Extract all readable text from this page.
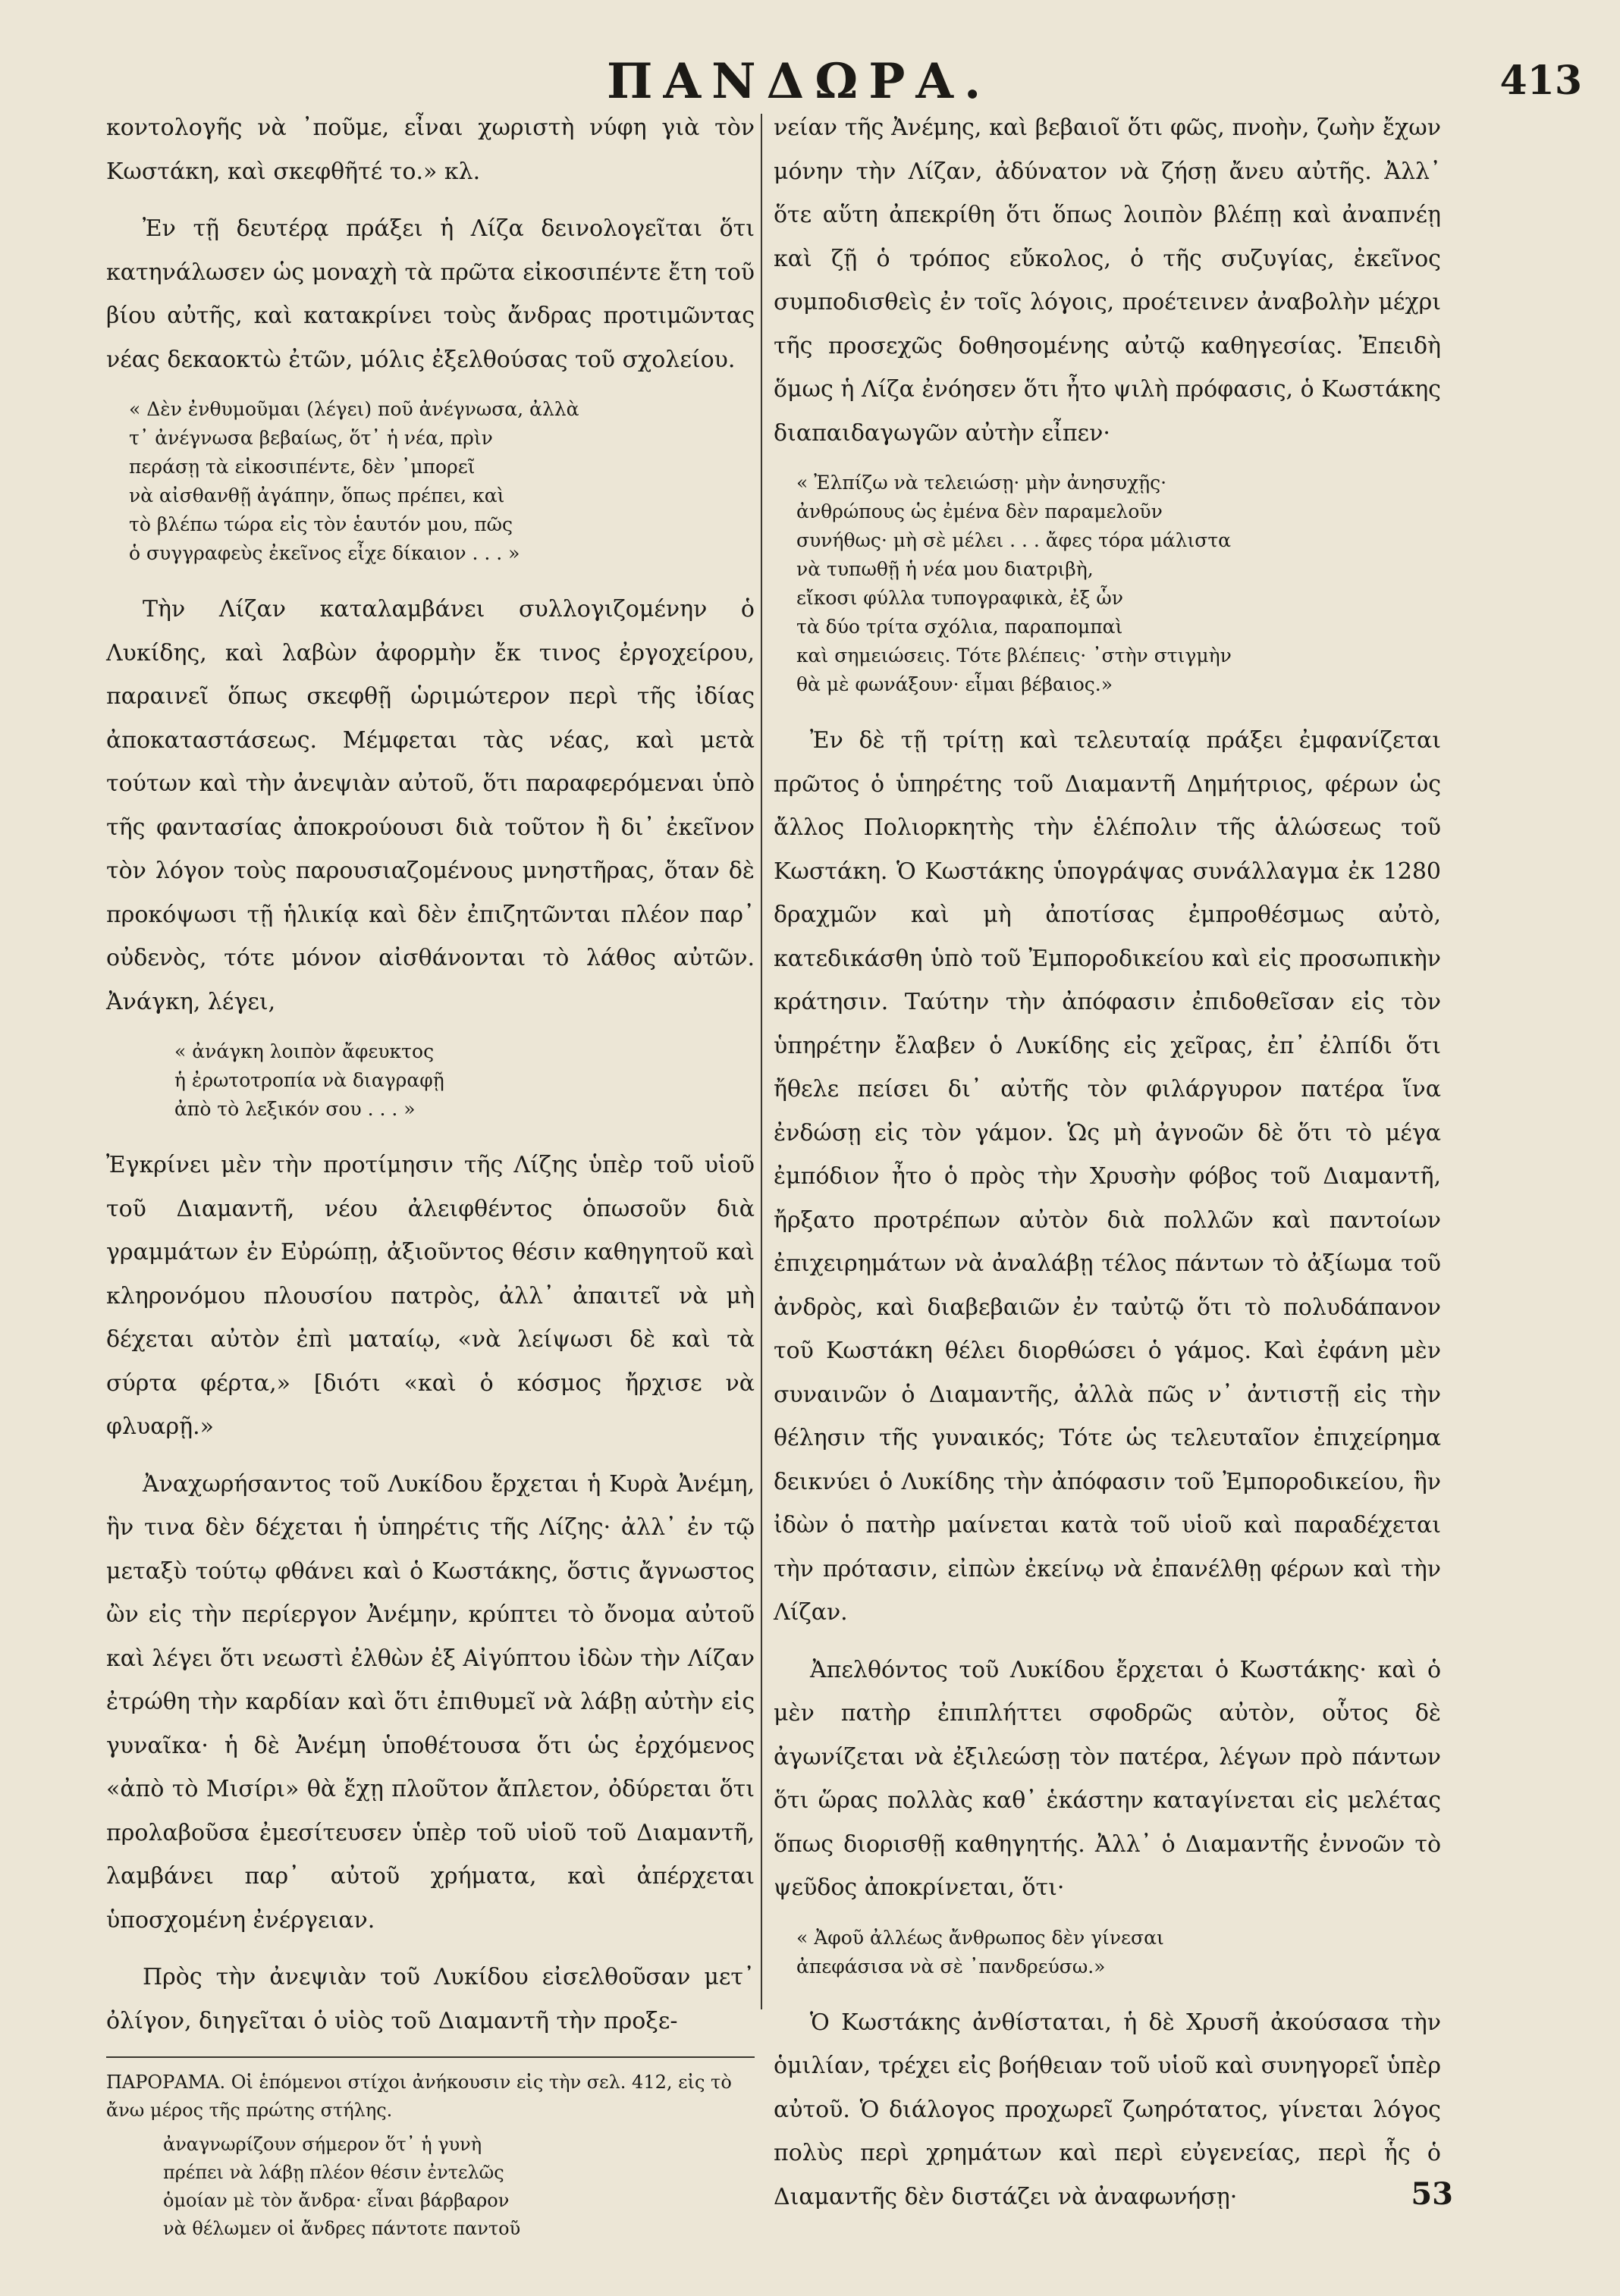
ΠΑΝΔΩΡΑ.	413

κοντολογῆς νὰ ᾽ποῦμε, εἶναι χωριστὴ νύφη γιὰ τὸν Κωστάκη, καὶ σκεφθῆτέ το.» κλ.

Ἐν τῇ δευτέρᾳ πράξει ἡ Λίζα δεινολογεῖται ὅτι κατηνάλωσεν ὡς μοναχὴ τὰ πρῶτα εἰκοσιπέντε ἔτη τοῦ βίου αὐτῆς, καὶ κατακρίνει τοὺς ἄνδρας προτιμῶντας νέας δεκαοκτὼ ἐτῶν, μόλις ἐξελθούσας τοῦ σχολείου.

« Δὲν ἐνθυμοῦμαι (λέγει) ποῦ ἀνέγνωσα, ἀλλὰ
τ᾽ ἀνέγνωσα βεβαίως, ὅτ᾽ ἡ νέα, πρὶν
περάσῃ τὰ εἰκοσιπέντε, δὲν ᾽μπορεῖ
νὰ αἰσθανθῇ ἀγάπην, ὅπως πρέπει, καὶ
τὸ βλέπω τώρα εἰς τὸν ἑαυτόν μου, πῶς
ὁ συγγραφεὺς ἐκεῖνος εἶχε δίκαιον . . . »

Τὴν Λίζαν καταλαμβάνει συλλογιζομένην ὁ Λυκίδης, καὶ λαβὼν ἀφορμὴν ἔκ τινος ἐργοχείρου, παραινεῖ ὅπως σκεφθῇ ὡριμώτερον περὶ τῆς ἰδίας ἀποκαταστάσεως. Μέμφεται τὰς νέας, καὶ μετὰ τούτων καὶ τὴν ἀνεψιὰν αὐτοῦ, ὅτι παραφερόμεναι ὑπὸ τῆς φαντασίας ἀποκρούουσι διὰ τοῦτον ἢ δι᾽ ἐκεῖνον τὸν λόγον τοὺς παρουσιαζομένους μνηστῆρας, ὅταν δὲ προκόψωσι τῇ ἡλικίᾳ καὶ δὲν ἐπιζητῶνται πλέον παρ᾽ οὐδενὸς, τότε μόνον αἰσθάνονται τὸ λάθος αὐτῶν. Ἀνάγκη, λέγει,

« ἀνάγκη λοιπὸν ἄφευκτος
ἡ ἐρωτοτροπία νὰ διαγραφῇ
ἀπὸ τὸ λεξικόν σου . . . »

Ἐγκρίνει μὲν τὴν προτίμησιν τῆς Λίζης ὑπὲρ τοῦ υἱοῦ τοῦ Διαμαντῆ, νέου ἀλειφθέντος ὁπωσοῦν διὰ γραμμάτων ἐν Εὐρώπῃ, ἀξιοῦντος θέσιν καθηγητοῦ καὶ κληρονόμου πλουσίου πατρὸς, ἀλλ᾽ ἀπαιτεῖ νὰ μὴ δέχεται αὐτὸν ἐπὶ ματαίῳ, «νὰ λείψωσι δὲ καὶ τὰ σύρτα φέρτα,» [διότι «καὶ ὁ κόσμος ἤρχισε νὰ φλυαρῇ.»

Ἀναχωρήσαντος τοῦ Λυκίδου ἔρχεται ἡ Κυρὰ Ἀνέμη, ἣν τινα δὲν δέχεται ἡ ὑπηρέτις τῆς Λίζης· ἀλλ᾽ ἐν τῷ μεταξὺ τούτῳ φθάνει καὶ ὁ Κωστάκης, ὅστις ἄγνωστος ὢν εἰς τὴν περίεργον Ἀνέμην, κρύπτει τὸ ὄνομα αὐτοῦ καὶ λέγει ὅτι νεωστὶ ἐλθὼν ἐξ Αἰγύπτου ἰδὼν τὴν Λίζαν ἐτρώθη τὴν καρδίαν καὶ ὅτι ἐπιθυμεῖ νὰ λάβῃ αὐτὴν εἰς γυναῖκα· ἡ δὲ Ἀνέμη ὑποθέτουσα ὅτι ὡς ἐρχόμενος «ἀπὸ τὸ Μισίρι» θὰ ἔχῃ πλοῦτον ἄπλετον, ὀδύρεται ὅτι προλαβοῦσα ἐμεσίτευσεν ὑπὲρ τοῦ υἱοῦ τοῦ Διαμαντῆ, λαμβάνει παρ᾽ αὐτοῦ χρήματα, καὶ ἀπέρχεται ὑποσχομένη ἐνέργειαν.

Πρὸς τὴν ἀνεψιὰν τοῦ Λυκίδου εἰσελθοῦσαν μετ᾽ ὀλίγον, διηγεῖται ὁ υἱὸς τοῦ Διαμαντῆ τὴν προξε-

ΠΑΡΟΡΑΜΑ. Οἱ ἑπόμενοι στίχοι ἀνήκουσιν εἰς τὴν σελ. 412, εἰς τὸ ἄνω μέρος τῆς πρώτης στήλης.

ἀναγνωρίζουν σήμερον ὅτ᾽ ἡ γυνὴ
πρέπει νὰ λάβῃ πλέον θέσιν ἐντελῶς
ὁμοίαν μὲ τὸν ἄνδρα· εἶναι βάρβαρον
νὰ θέλωμεν οἱ ἄνδρες πάντοτε παντοῦ

νείαν τῆς Ἀνέμης, καὶ βεβαιοῖ ὅτι φῶς, πνοὴν, ζωὴν ἔχων μόνην τὴν Λίζαν, ἀδύνατον νὰ ζήσῃ ἄνευ αὐτῆς. Ἀλλ᾽ ὅτε αὕτη ἀπεκρίθη ὅτι ὅπως λοιπὸν βλέπῃ καὶ ἀναπνέῃ καὶ ζῇ ὁ τρόπος εὔκολος, ὁ τῆς συζυγίας, ἐκεῖνος συμποδισθεὶς ἐν τοῖς λόγοις, προέτεινεν ἀναβολὴν μέχρι τῆς προσεχῶς δοθησομένης αὐτῷ καθηγεσίας. Ἐπειδὴ ὅμως ἡ Λίζα ἐνόησεν ὅτι ἦτο ψιλὴ πρόφασις, ὁ Κωστάκης διαπαιδαγωγῶν αὐτὴν εἶπεν·

« Ἐλπίζω νὰ τελειώσῃ· μὴν ἀνησυχῇς·
ἀνθρώπους ὡς ἐμένα δὲν παραμελοῦν
συνήθως· μὴ σὲ μέλει . . . ἄφες τόρα μάλιστα
νὰ τυπωθῇ ἡ νέα μου διατριβὴ,
εἴκοσι φύλλα τυπογραφικὰ, ἐξ ὧν
τὰ δύο τρίτα σχόλια, παραπομπαὶ
καὶ σημειώσεις. Τότε βλέπεις· ᾽στὴν στιγμὴν
θὰ μὲ φωνάξουν· εἶμαι βέβαιος.»

Ἐν δὲ τῇ τρίτῃ καὶ τελευταίᾳ πράξει ἐμφανίζεται πρῶτος ὁ ὑπηρέτης τοῦ Διαμαντῆ Δημήτριος, φέρων ὡς ἄλλος Πολιορκητὴς τὴν ἑλέπολιν τῆς ἁλώσεως τοῦ Κωστάκη. Ὁ Κωστάκης ὑπογράψας συνάλλαγμα ἐκ 1280 δραχμῶν καὶ μὴ ἀποτίσας ἐμπροθέσμως αὐτὸ, κατεδικάσθη ὑπὸ τοῦ Ἐμποροδικείου καὶ εἰς προσωπικὴν κράτησιν. Ταύτην τὴν ἀπόφασιν ἐπιδοθεῖσαν εἰς τὸν ὑπηρέτην ἔλαβεν ὁ Λυκίδης εἰς χεῖρας, ἐπ᾽ ἐλπίδι ὅτι ἤθελε πείσει δι᾽ αὐτῆς τὸν φιλάργυρον πατέρα ἵνα ἐνδώσῃ εἰς τὸν γάμον. Ὡς μὴ ἀγνοῶν δὲ ὅτι τὸ μέγα ἐμπόδιον ἦτο ὁ πρὸς τὴν Χρυσὴν φόβος τοῦ Διαμαντῆ, ἤρξατο προτρέπων αὐτὸν διὰ πολλῶν καὶ παντοίων ἐπιχειρημάτων νὰ ἀναλάβῃ τέλος πάντων τὸ ἀξίωμα τοῦ ἀνδρὸς, καὶ διαβεβαιῶν ἐν ταὐτῷ ὅτι τὸ πολυδάπανον τοῦ Κωστάκη θέλει διορθώσει ὁ γάμος. Καὶ ἐφάνη μὲν συναινῶν ὁ Διαμαντῆς, ἀλλὰ πῶς ν᾽ ἀντιστῇ εἰς τὴν θέλησιν τῆς γυναικός; Τότε ὡς τελευταῖον ἐπιχείρημα δεικνύει ὁ Λυκίδης τὴν ἀπόφασιν τοῦ Ἐμποροδικείου, ἣν ἰδὼν ὁ πατὴρ μαίνεται κατὰ τοῦ υἱοῦ καὶ παραδέχεται τὴν πρότασιν, εἰπὼν ἐκείνῳ νὰ ἐπανέλθῃ φέρων καὶ τὴν Λίζαν.

Ἀπελθόντος τοῦ Λυκίδου ἔρχεται ὁ Κωστάκης· καὶ ὁ μὲν πατὴρ ἐπιπλήττει σφοδρῶς αὐτὸν, οὗτος δὲ ἀγωνίζεται νὰ ἐξιλεώσῃ τὸν πατέρα, λέγων πρὸ πάντων ὅτι ὥρας πολλὰς καθ᾽ ἑκάστην καταγίνεται εἰς μελέτας ὅπως διορισθῇ καθηγητής. Ἀλλ᾽ ὁ Διαμαντῆς ἐννοῶν τὸ ψεῦδος ἀποκρίνεται, ὅτι·

« Ἀφοῦ ἀλλέως ἄνθρωπος δὲν γίνεσαι
ἀπεφάσισα νὰ σὲ ᾽πανδρεύσω.»

Ὁ Κωστάκης ἀνθίσταται, ἡ δὲ Χρυσῆ ἀκούσασα τὴν ὁμιλίαν, τρέχει εἰς βοήθειαν τοῦ υἱοῦ καὶ συνηγορεῖ ὑπὲρ αὐτοῦ. Ὁ διάλογος προχωρεῖ ζωηρότατος, γίνεται λόγος πολὺς περὶ χρημάτων καὶ περὶ εὐγενείας, περὶ ἧς ὁ Διαμαντῆς δὲν διστάζει νὰ ἀναφωνήσῃ·	53
